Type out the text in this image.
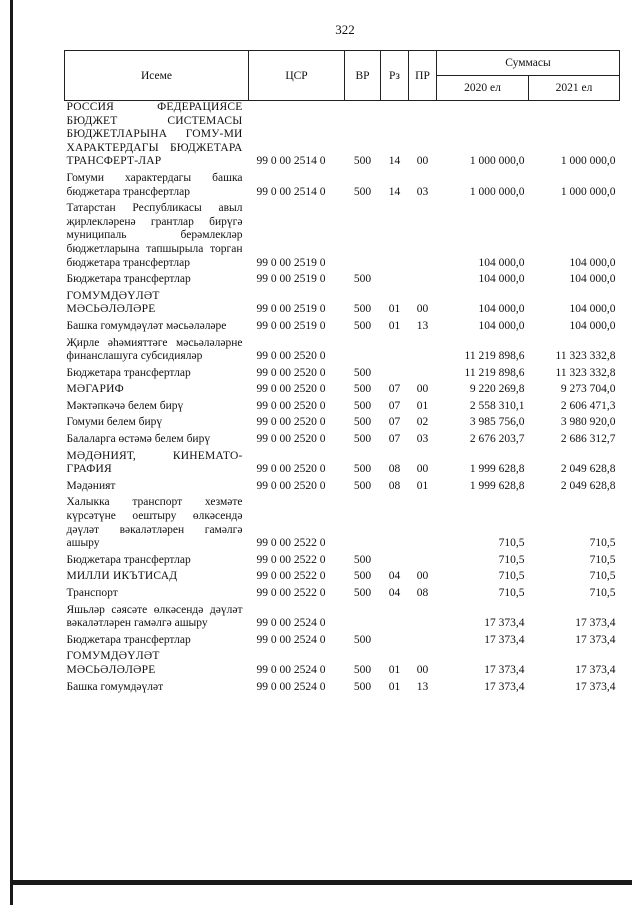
322
Исеме	ЦСР	ВР	Рз	ПР	Суммасы	
					2020 ел	2021 ел
РОССИЯ ФЕДЕРАЦИЯСЕ БЮДЖЕТ СИСТЕМАСЫ БЮДЖЕТЛАРЫНА ГОМУ-МИ ХАРАКТЕРДАГЫ БЮДЖЕТАРА ТРАНСФЕРТ-ЛАР	99 0 00 2514 0	500	14	00	1 000 000,0	1 000 000,0
Гомуми характердагы башка бюджетара трансфертлар	99 0 00 2514 0	500	14	03	1 000 000,0	1 000 000,0
Татарстан Республикасы авыл җирлекләренә грантлар бирүгә муниципаль берәмлекләр бюджетларына тапшырыла торган бюджетара трансфертлар	99 0 00 2519 0				104 000,0	104 000,0
Бюджетара трансфертлар	99 0 00 2519 0	500			104 000,0	104 000,0
ГОМУМДӘҮЛӘТ МӘСЬӘЛӘЛӘРЕ	99 0 00 2519 0	500	01	00	104 000,0	104 000,0
Башка гомумдәүләт мәсьәләләре	99 0 00 2519 0	500	01	13	104 000,0	104 000,0
Җирле әһәмияттәге мәсьәләләрне финанслашуга субсидияләр	99 0 00 2520 0				11 219 898,6	11 323 332,8
Бюджетара трансфертлар	99 0 00 2520 0	500			11 219 898,6	11 323 332,8
МӘГАРИФ	99 0 00 2520 0	500	07	00	9 220 269,8	9 273 704,0
Мәктәпкәчә белем бирү	99 0 00 2520 0	500	07	01	2 558 310,1	2 606 471,3
Гомуми белем бирү	99 0 00 2520 0	500	07	02	3 985 756,0	3 980 920,0
Балаларга өстәмә белем бирү	99 0 00 2520 0	500	07	03	2 676 203,7	2 686 312,7
МӘДӘНИЯТ, КИНЕМАТО-ГРАФИЯ	99 0 00 2520 0	500	08	00	1 999 628,8	2 049 628,8
Мәдәният	99 0 00 2520 0	500	08	01	1 999 628,8	2 049 628,8
Халыкка транспорт хезмәте күрсәтүне оештыру өлкәсендә дәүләт вәкаләтләрен гамәлгә ашыру	99 0 00 2522 0				710,5	710,5
Бюджетара трансфертлар	99 0 00 2522 0	500			710,5	710,5
МИЛЛИ ИКЪТИСАД	99 0 00 2522 0	500	04	00	710,5	710,5
Транспорт	99 0 00 2522 0	500	04	08	710,5	710,5
Яшьләр сәясәте өлкәсендә дәүләт вәкаләтләрен гамәлгә ашыру	99 0 00 2524 0				17 373,4	17 373,4
Бюджетара трансфертлар	99 0 00 2524 0	500			17 373,4	17 373,4
ГОМУМДӘҮЛӘТ МӘСЬӘЛӘЛӘРЕ	99 0 00 2524 0	500	01	00	17 373,4	17 373,4
Башка гомумдәүләт	99 0 00 2524 0	500	01	13	17 373,4	17 373,4
